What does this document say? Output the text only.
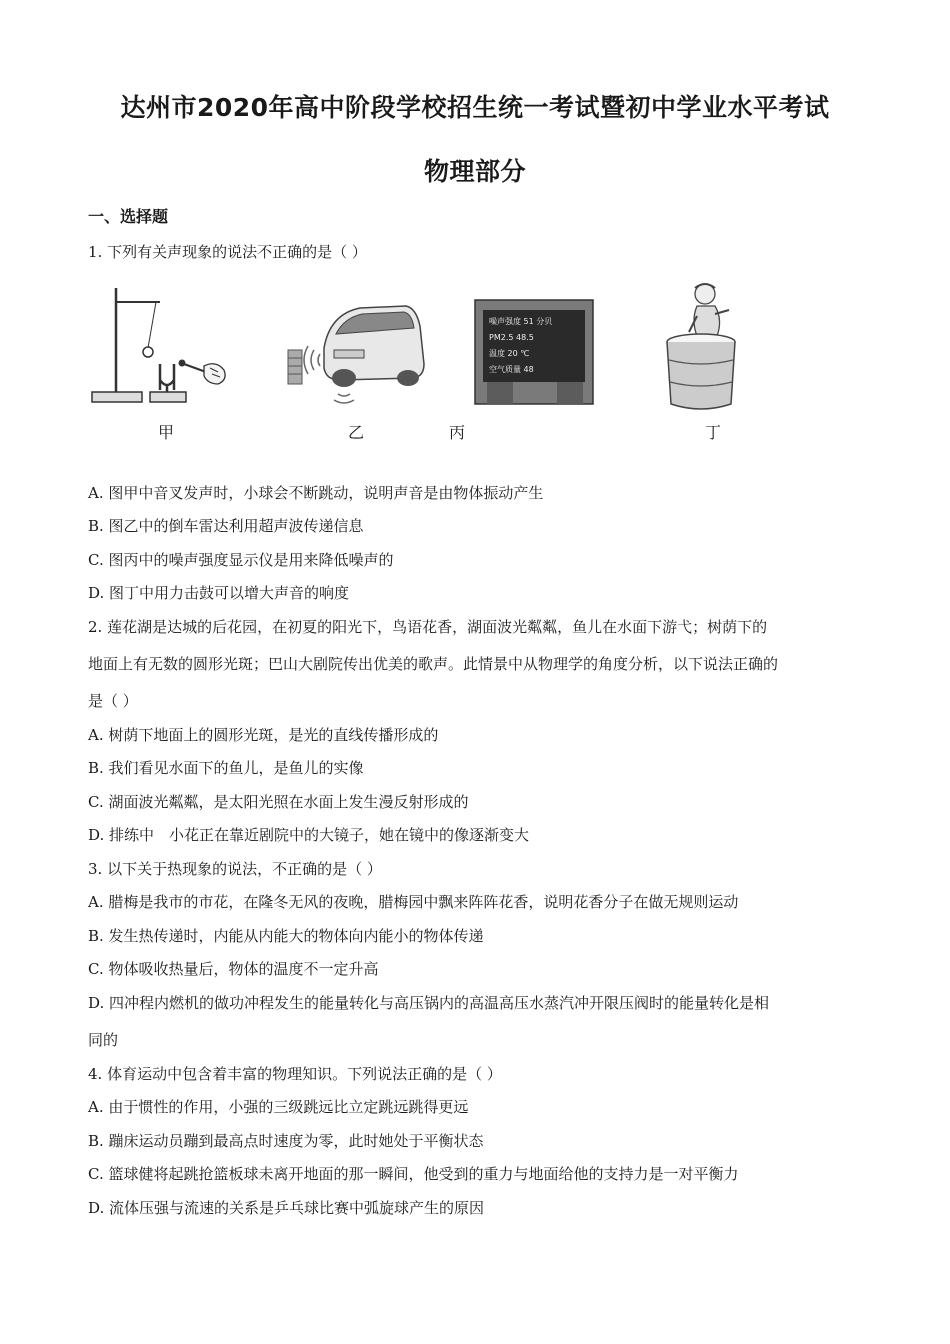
达州市2020年高中阶段学校招生统一考试暨初中学业水平考试
物理部分
一、选择题
1. 下列有关声现象的说法不正确的是（ ）
甲	乙
噪声强度 51 分贝
PM2.5 48.5
温度 20 ℃
空气质量 48
丙	丁
A. 图甲中音叉发声时，小球会不断跳动，说明声音是由物体振动产生
B. 图乙中的倒车雷达利用超声波传递信息
C. 图丙中的噪声强度显示仪是用来降低噪声的
D. 图丁中用力击鼓可以增大声音的响度
2. 莲花湖是达城的后花园，在初夏的阳光下，鸟语花香，湖面波光粼粼，鱼儿在水面下游弋；树荫下的
地面上有无数的圆形光斑；巴山大剧院传出优美的歌声。此情景中从物理学的角度分析，以下说法正确的
是（ ）
A. 树荫下地面上的圆形光斑，是光的直线传播形成的
B. 我们看见水面下的鱼儿，是鱼儿的实像
C. 湖面波光粼粼，是太阳光照在水面上发生漫反射形成的
D. 排练中　小花正在靠近剧院中的大镜子，她在镜中的像逐渐变大
3. 以下关于热现象的说法，不正确的是（ ）
A. 腊梅是我市的市花，在隆冬无风的夜晚，腊梅园中飘来阵阵花香，说明花香分子在做无规则运动
B. 发生热传递时，内能从内能大的物体向内能小的物体传递
C. 物体吸收热量后，物体的温度不一定升高
D. 四冲程内燃机的做功冲程发生的能量转化与高压锅内的高温高压水蒸汽冲开限压阀时的能量转化是相
同的
4. 体育运动中包含着丰富的物理知识。下列说法正确的是（ ）
A. 由于惯性的作用，小强的三级跳远比立定跳远跳得更远
B. 蹦床运动员蹦到最高点时速度为零，此时她处于平衡状态
C. 篮球健将起跳抢篮板球未离开地面的那一瞬间，他受到的重力与地面给他的支持力是一对平衡力
D. 流体压强与流速的关系是乒乓球比赛中弧旋球产生的原因
